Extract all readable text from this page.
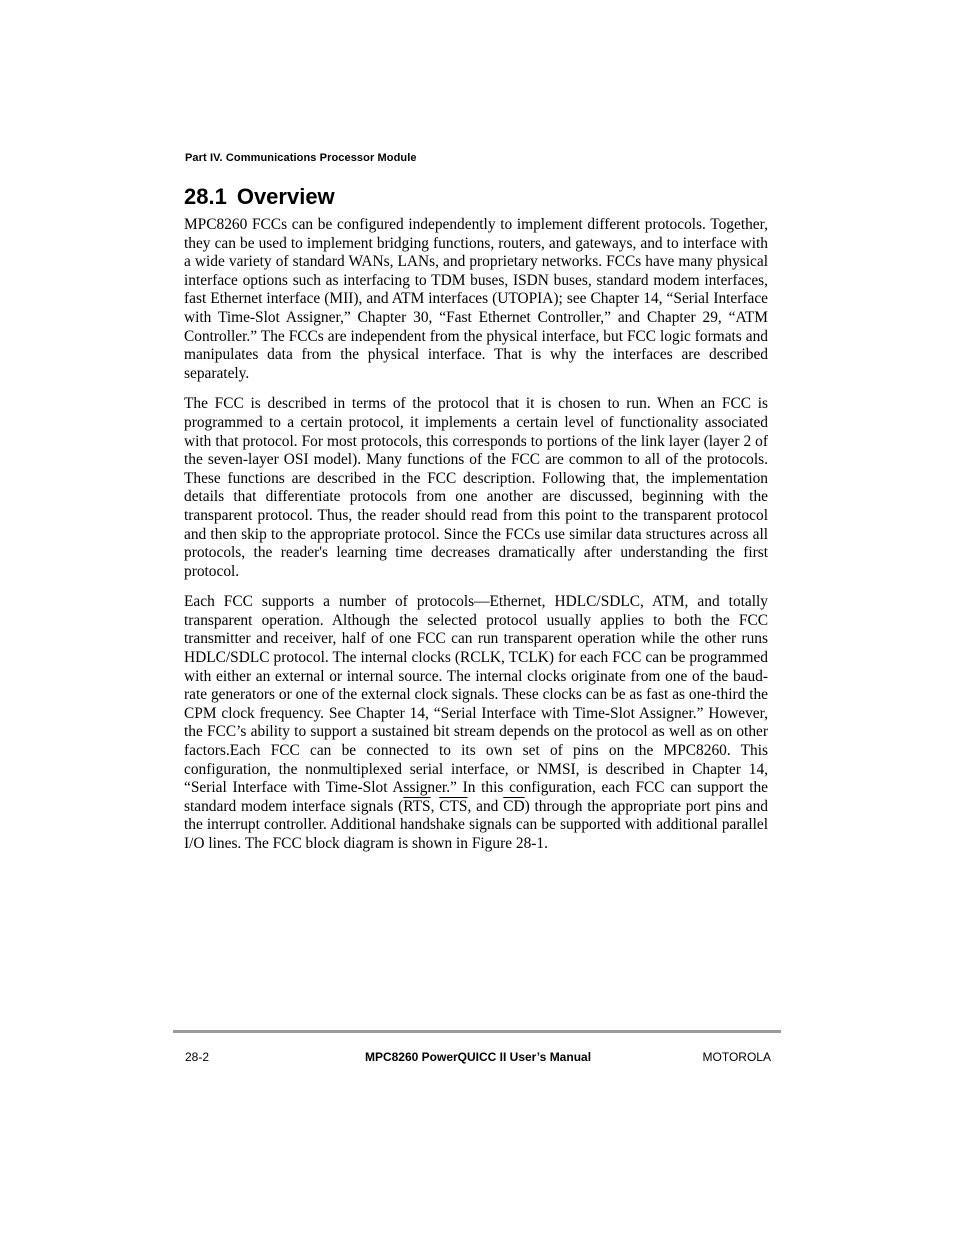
Part IV. Communications Processor Module
28.1 Overview

MPC8260 FCCs can be configured independently to implement different protocols. Together, they can be used to implement bridging functions, routers, and gateways, and to interface with a wide variety of standard WANs, LANs, and proprietary networks. FCCs have many physical interface options such as interfacing to TDM buses, ISDN buses, standard modem interfaces, fast Ethernet interface (MII), and ATM interfaces (UTOPIA); see Chapter 14, “Serial Interface with Time-Slot Assigner,” Chapter 30, “Fast Ethernet Controller,” and Chapter 29, “ATM Controller.” The FCCs are independent from the physical interface, but FCC logic formats and manipulates data from the physical interface. That is why the interfaces are described separately.

The FCC is described in terms of the protocol that it is chosen to run. When an FCC is programmed to a certain protocol, it implements a certain level of functionality associated with that protocol. For most protocols, this corresponds to portions of the link layer (layer 2 of the seven-layer OSI model). Many functions of the FCC are common to all of the protocols. These functions are described in the FCC description. Following that, the implementation details that differentiate protocols from one another are discussed, beginning with the transparent protocol. Thus, the reader should read from this point to the transparent protocol and then skip to the appropriate protocol. Since the FCCs use similar data structures across all protocols, the reader's learning time decreases dramatically after understanding the first protocol.

Each FCC supports a number of protocols—Ethernet, HDLC/SDLC, ATM, and totally transparent operation. Although the selected protocol usually applies to both the FCC transmitter and receiver, half of one FCC can run transparent operation while the other runs HDLC/SDLC protocol. The internal clocks (RCLK, TCLK) for each FCC can be programmed with either an external or internal source. The internal clocks originate from one of the baud-rate generators or one of the external clock signals. These clocks can be as fast as one-third the CPM clock frequency. See Chapter 14, “Serial Interface with Time-Slot Assigner.” However, the FCC’s ability to support a sustained bit stream depends on the protocol as well as on other factors.Each FCC can be connected to its own set of pins on the MPC8260. This configuration, the nonmultiplexed serial interface, or NMSI, is described in Chapter 14, “Serial Interface with Time-Slot Assigner.” In this configuration, each FCC can support the standard modem interface signals ($\overline{RTS}$, $\overline{CTS}$, and $\overline{CD}$) through the appropriate port pins and the interrupt controller. Additional handshake signals can be supported with additional parallel I/O lines. The FCC block diagram is shown in Figure 28-1.

28-2	MPC8260 PowerQUICC II User’s Manual	MOTOROLA
